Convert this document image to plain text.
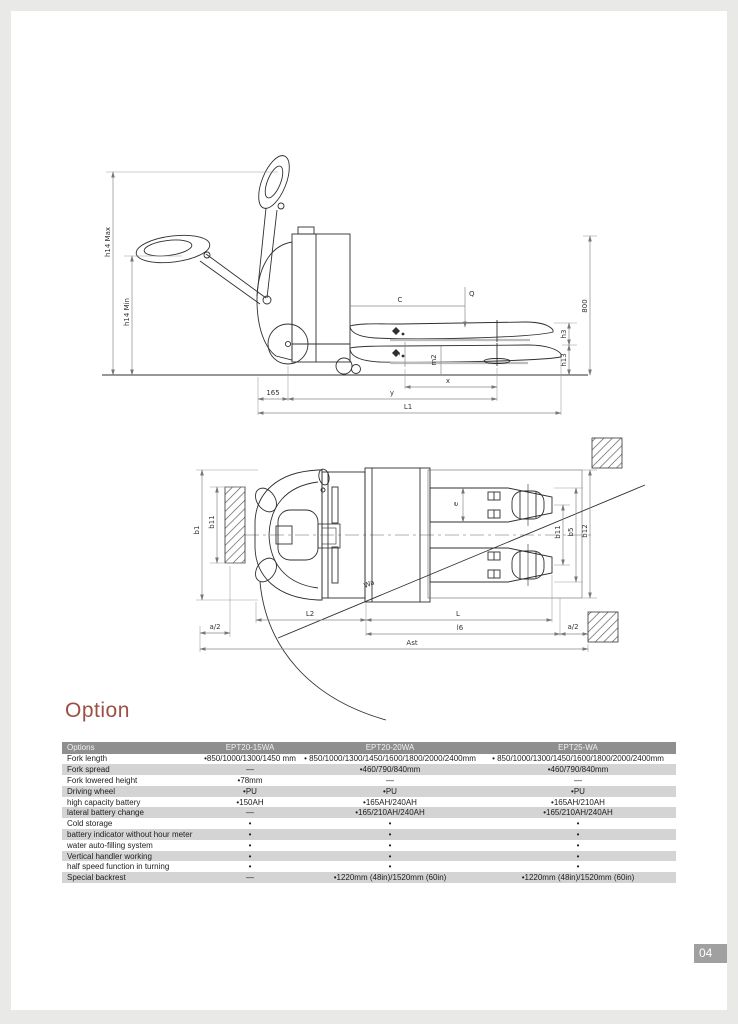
h14 Max
h14 Min	C
Q
800
h3
h13
s
m2
x
165	y
L1
Wa
b1
b11
e
b11 b5 b12
a/2
L2	L
l6	a/2
Ast
Option
Options	EPT20-15WA	EPT20-20WA	EPT25-WA
Fork length	•850/1000/1300/1450 mm	• 850/1000/1300/1450/1600/1800/2000/2400mm	• 850/1000/1300/1450/1600/1800/2000/2400mm
Fork spread	—	•460/790/840mm	•460/790/840mm
Fork lowered height	•78mm	—	—
Driving wheel	•PU	•PU	•PU
high capacity battery	•150AH	•165AH/240AH	•165AH/210AH
lateral battery change	—	•165/210AH/240AH	•165/210AH/240AH
Cold storage	•	•	•
battery indicator without hour meter	•	•	•
water auto-filling system	•	•	•
Vertical handler working	•	•	•
half speed function in turning	•	•	•
Special backrest	—	•1220mm (48in)/1520mm (60in)	•1220mm (48in)/1520mm (60in)
04
